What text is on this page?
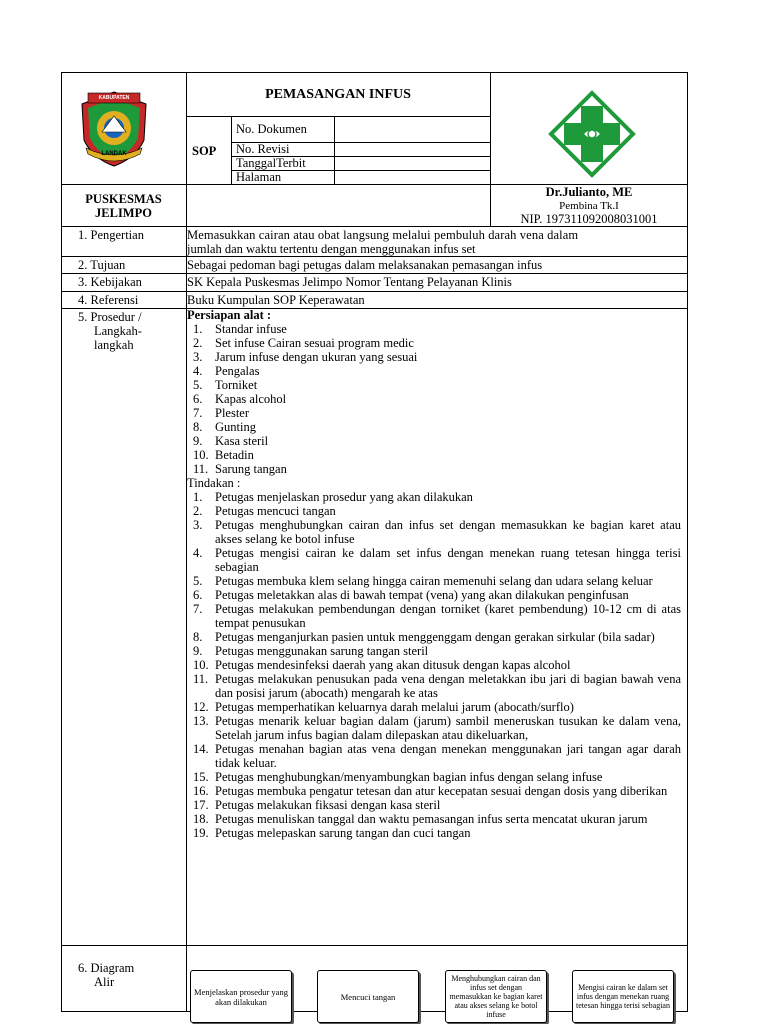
KABUPATEN
LANDAK
PEMASANGAN INFUS
SOP
No. Dokumen
No. Revisi
TanggalTerbit
Halaman
PUSKESMAS
JELIMPO
Dr.Julianto, ME
Pembina Tk.I
NIP. 197311092008031001
1. Pengertian	Memasukkan cairan atau obat langsung melalui pembuluh darah vena dalam
jumlah dan waktu tertentu dengan menggunakan infus set
2. Tujuan	Sebagai pedoman bagi petugas dalam melaksanakan pemasangan infus
3. Kebijakan	SK Kepala Puskesmas Jelimpo Nomor Tentang Pelayanan Klinis
4. Referensi	Buku Kumpulan SOP Keperawatan
5. Prosedur /
Langkah-
langkah
Persiapan alat :
1. Standar infuse
2. Set infuse Cairan sesuai program medic
3. Jarum infuse dengan ukuran yang sesuai
4. Pengalas
5. Torniket
6. Kapas alcohol
7. Plester
8. Gunting
9. Kasa steril
10. Betadin
11. Sarung tangan
Tindakan :
1. Petugas menjelaskan prosedur yang akan dilakukan
2. Petugas mencuci tangan
3. Petugas menghubungkan cairan dan infus set dengan memasukkan ke bagian karet atau akses selang ke botol infuse
4. Petugas mengisi cairan ke dalam set infus dengan menekan ruang tetesan hingga terisi sebagian
5. Petugas membuka klem selang hingga cairan memenuhi selang dan udara selang keluar
6. Petugas meletakkan alas di bawah tempat (vena) yang akan dilakukan penginfusan
7. Petugas melakukan pembendungan dengan torniket (karet pembendung) 10-12 cm di atas tempat penusukan
8. Petugas menganjurkan pasien untuk menggenggam dengan gerakan sirkular (bila sadar)
9. Petugas menggunakan sarung tangan steril
10. Petugas mendesinfeksi daerah yang akan ditusuk dengan kapas alcohol
11. Petugas melakukan penusukan pada vena dengan meletakkan ibu jari di bagian bawah vena dan posisi jarum (abocath) mengarah ke atas
12. Petugas memperhatikan keluarnya darah melalui jarum (abocath/surflo)
13. Petugas menarik keluar bagian dalam (jarum) sambil meneruskan tusukan ke dalam vena, Setelah jarum infus bagian dalam dilepaskan atau dikeluarkan,
14. Petugas menahan bagian atas vena dengan menekan menggunakan jari tangan agar darah tidak keluar.
15. Petugas menghubungkan/menyambungkan bagian infus dengan selang infuse
16. Petugas membuka pengatur tetesan dan atur kecepatan sesuai dengan dosis yang diberikan
17. Petugas melakukan fiksasi dengan kasa steril
18. Petugas menuliskan tanggal dan waktu pemasangan infus serta mencatat ukuran jarum
19. Petugas melepaskan sarung tangan dan cuci tangan
6. Diagram
Alir
Menjelaskan prosedur yang akan dilakukan	Mencuci tangan
Menghubungkan cairan dan infus set dengan memasukkan ke bagian karet atau akses selang ke botol infuse
Mengisi cairan ke dalam set infus dengan menekan ruang tetesan hingga terisi sebagian
